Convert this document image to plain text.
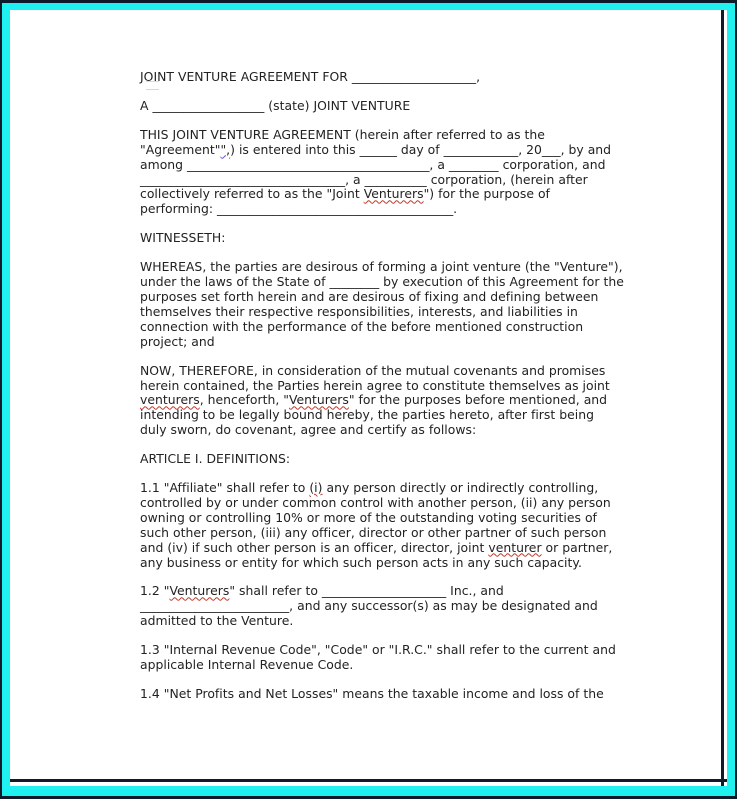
JOINT VENTURE AGREEMENT FOR ____________________,

A __________________ (state) JOINT VENTURE

THIS JOINT VENTURE AGREEMENT (herein after referred to as the "Agreement"",) is entered into this ______ day of ____________, 20___, by and among _______________________________________, a ________ corporation, and _________________________________, a __________ corporation, (herein after collectively referred to as the "Joint Venturers") for the purpose of performing: ______________________________________.

WITNESSETH:

WHEREAS, the parties are desirous of forming a joint venture (the "Venture"), under the laws of the State of ________ by execution of this Agreement for the purposes set forth herein and are desirous of fixing and defining between themselves their respective responsibilities, interests, and liabilities in connection with the performance of the before mentioned construction project; and

NOW, THEREFORE, in consideration of the mutual covenants and promises herein contained, the Parties herein agree to constitute themselves as joint venturers, henceforth, "Venturers" for the purposes before mentioned, and intending to be legally bound hereby, the parties hereto, after first being duly sworn, do covenant, agree and certify as follows:

ARTICLE I. DEFINITIONS:

1.1 "Affiliate" shall refer to (i) any person directly or indirectly controlling, controlled by or under common control with another person, (ii) any person owning or controlling 10% or more of the outstanding voting securities of such other person, (iii) any officer, director or other partner of such person and (iv) if such other person is an officer, director, joint venturer or partner, any business or entity for which such person acts in any such capacity.

1.2 "Venturers" shall refer to ____________________ Inc., and ________________________, and any successor(s) as may be designated and admitted to the Venture.

1.3 "Internal Revenue Code", "Code" or "I.R.C." shall refer to the current and applicable Internal Revenue Code.

1.4 "Net Profits and Net Losses" means the taxable income and loss of the
